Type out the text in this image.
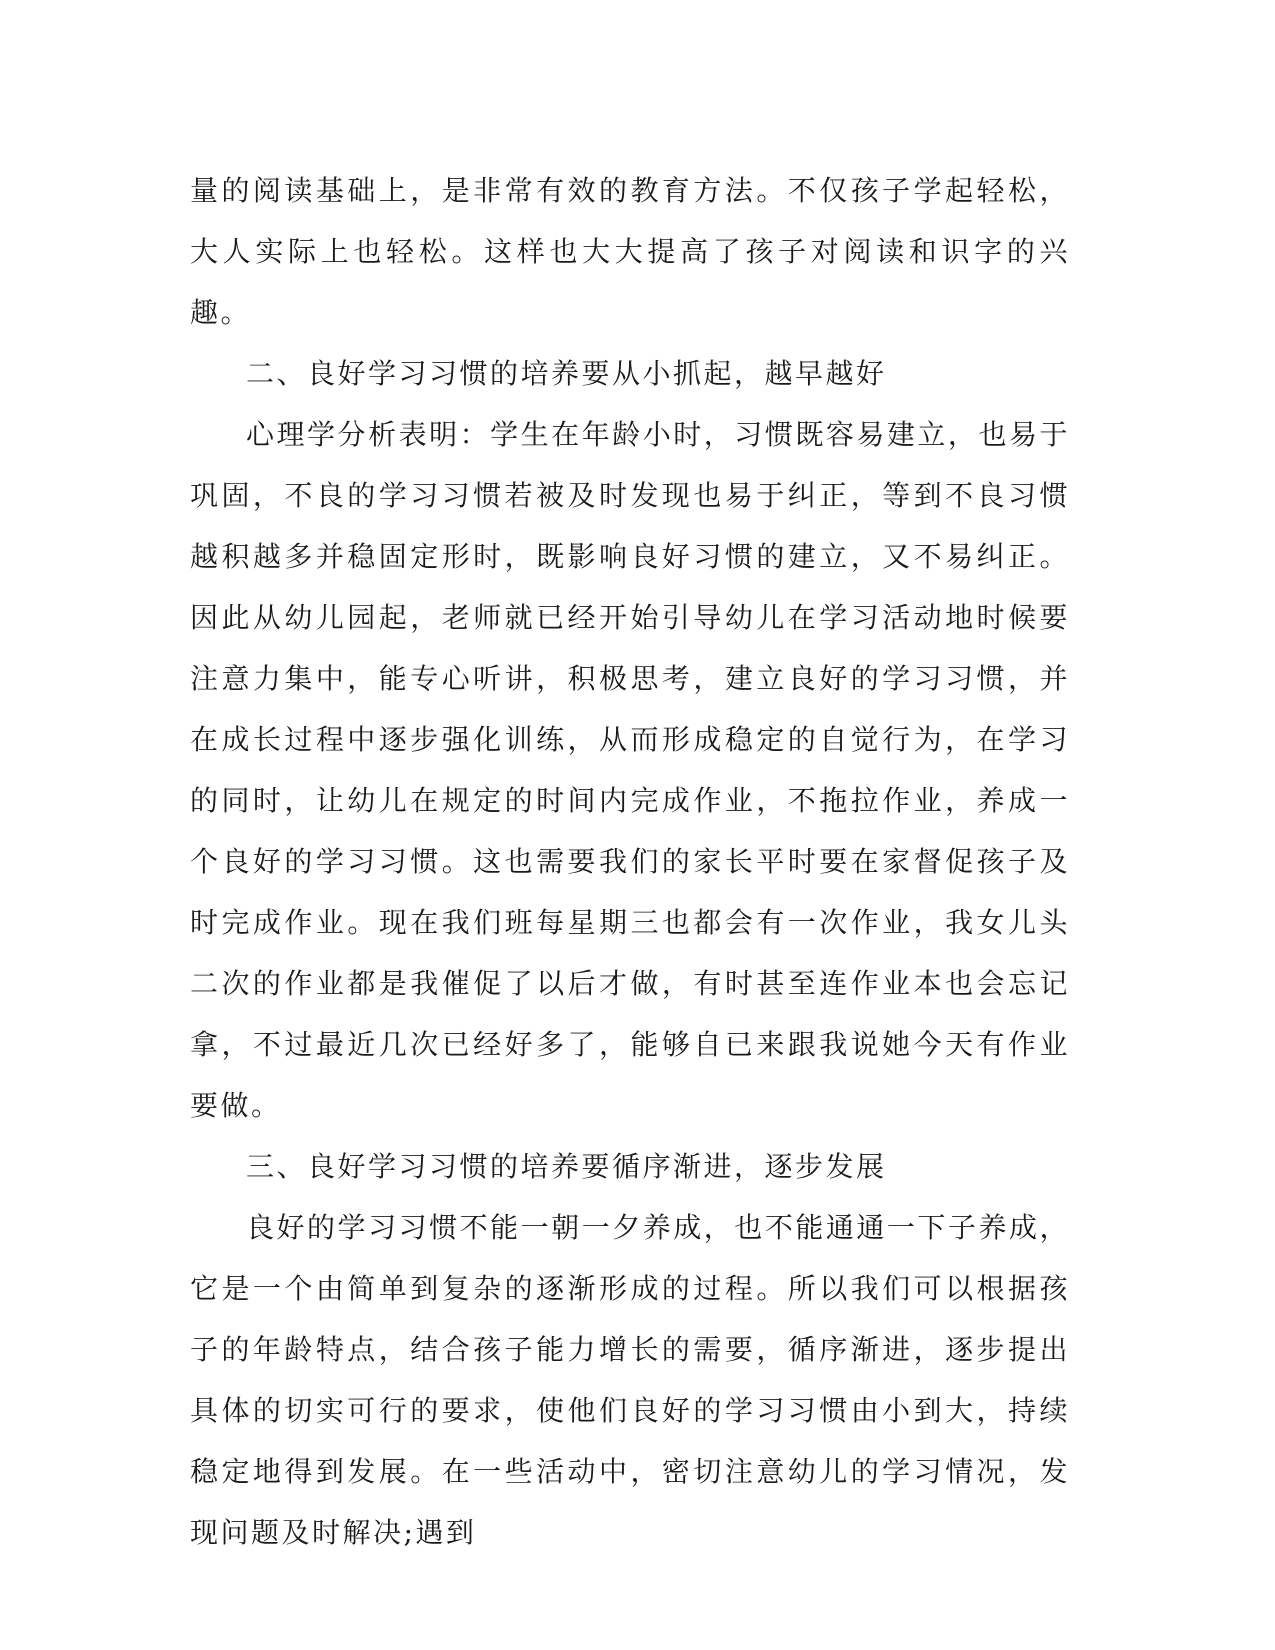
量的阅读基础上，是非常有效的教育方法。不仅孩子学起轻松，大人实际上也轻松。这样也大大提高了孩子对阅读和识字的兴趣。

二、良好学习习惯的培养要从小抓起，越早越好

心理学分析表明：学生在年龄小时，习惯既容易建立，也易于巩固，不良的学习习惯若被及时发现也易于纠正，等到不良习惯越积越多并稳固定形时，既影响良好习惯的建立，又不易纠正。因此从幼儿园起，老师就已经开始引导幼儿在学习活动地时候要注意力集中，能专心听讲，积极思考，建立良好的学习习惯，并在成长过程中逐步强化训练，从而形成稳定的自觉行为，在学习的同时，让幼儿在规定的时间内完成作业，不拖拉作业，养成一个良好的学习习惯。这也需要我们的家长平时要在家督促孩子及时完成作业。现在我们班每星期三也都会有一次作业，我女儿头二次的作业都是我催促了以后才做，有时甚至连作业本也会忘记拿，不过最近几次已经好多了，能够自已来跟我说她今天有作业要做。

三、良好学习习惯的培养要循序渐进，逐步发展

良好的学习习惯不能一朝一夕养成，也不能通通一下子养成，它是一个由简单到复杂的逐渐形成的过程。所以我们可以根据孩子的年龄特点，结合孩子能力增长的需要，循序渐进，逐步提出具体的切实可行的要求，使他们良好的学习习惯由小到大，持续稳定地得到发展。在一些活动中，密切注意幼儿的学习情况，发现问题及时解决;遇到
